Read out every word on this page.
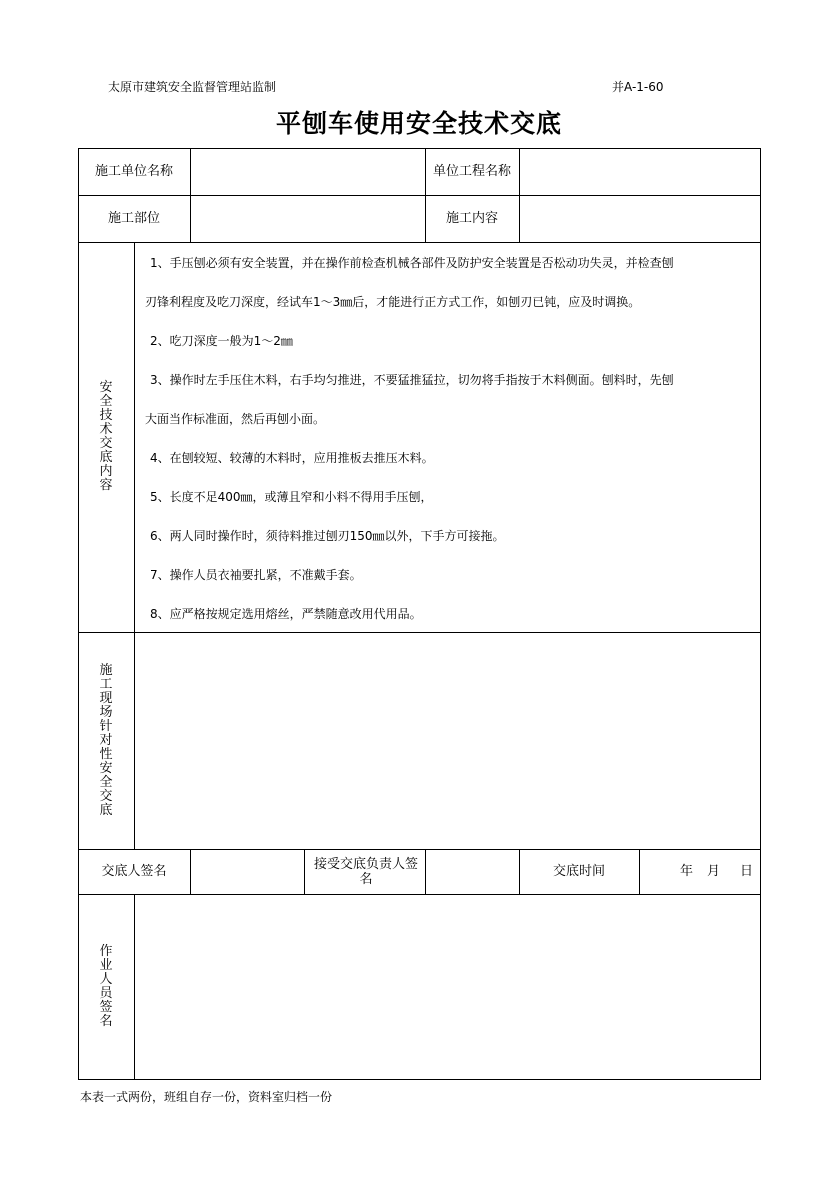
太原市建筑安全监督管理站监制	并A-1-60
平刨车使用安全技术交底
施工单位名称	单位工程名称
施工部位	施工内容
安全技术交底内容
1、手压刨必须有安全装置，并在操作前检查机械各部件及防护安全装置是否松动功失灵，并检查刨
刃锋利程度及吃刀深度，经试车1～3㎜后，才能进行正方式工作，如刨刃已钝，应及时调换。
2、吃刀深度一般为1～2㎜
3、操作时左手压住木料，右手均匀推进，不要猛推猛拉，切勿将手指按于木料侧面。刨料时，先刨
大面当作标准面，然后再刨小面。
4、在刨较短、较薄的木料时，应用推板去推压木料。
5、长度不足400㎜，或薄且窄和小料不得用手压刨，
6、两人同时操作时，须待料推过刨刃150㎜以外，下手方可接拖。
7、操作人员衣袖要扎紧，不准戴手套。
8、应严格按规定选用熔丝，严禁随意改用代用品。
施工现场针对性安全交底
交底人签名	接受交底负责人签名	交底时间	年 月 日
作业人员签名
本表一式两份，班组自存一份，资料室归档一份
